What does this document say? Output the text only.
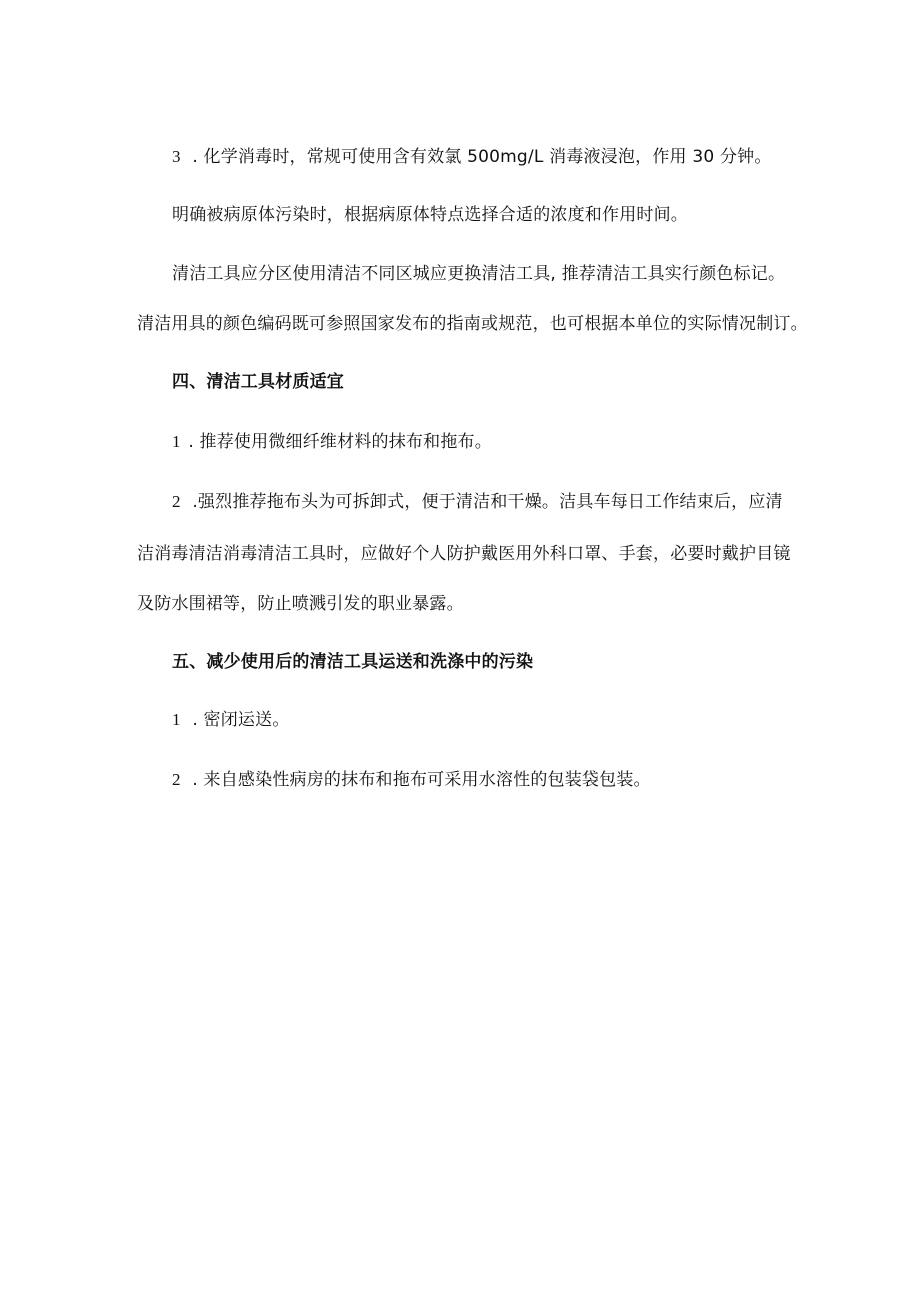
3 . 化学消毒时，常规可使用含有效氯 500mg/L 消毒液浸泡，作用 30 分钟。
明确被病原体污染时，根据病原体特点选择合适的浓度和作用时间。
清洁工具应分区使用清洁不同区城应更换清洁工具, 推荐清洁工具实行颜色标记。
清洁用具的颜色编码既可参照国家发布的指南或规范，也可根据本单位的实际情况制订。
四、清洁工具材质适宜
1 . 推荐使用微细纤维材料的抹布和拖布。
2 .强烈推荐拖布头为可拆卸式，便于清洁和干燥。洁具车每日工作结束后，应清
洁消毒清洁消毒清洁工具时，应做好个人防护戴医用外科口罩、手套，必要时戴护目镜
及防水围裙等，防止喷溅引发的职业暴露。
五、减少使用后的清洁工具运送和洗涤中的污染
1 . 密闭运送。
2 . 来自感染性病房的抹布和拖布可采用水溶性的包装袋包装。
